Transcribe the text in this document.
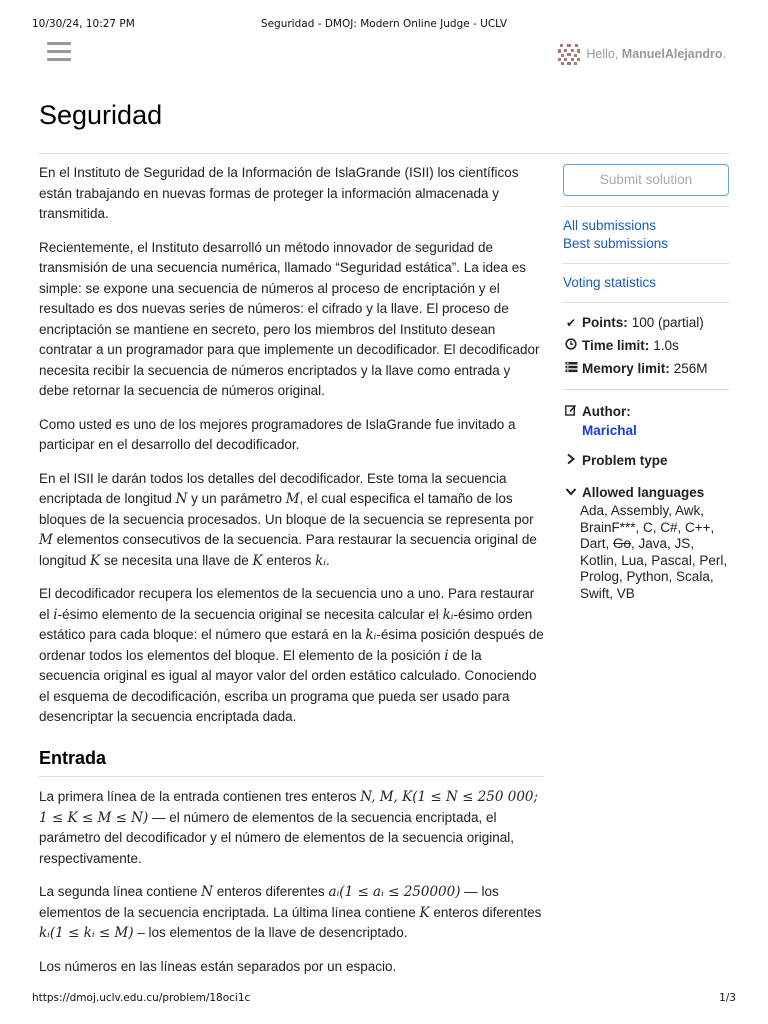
10/30/24, 10:27 PM	Seguridad - DMOJ: Modern Online Judge - UCLV
Hello,
ManuelAlejandro .
Seguridad

En el Instituto de Seguridad de la Información de IslaGrande (ISII) los científicos están trabajando en nuevas formas de proteger la información almacenada y transmitida.

Recientemente, el Instituto desarrolló un método innovador de seguridad de transmisión de una secuencia numérica, llamado “Seguridad estática”. La idea es simple: se expone una secuencia de números al proceso de encriptación y el resultado es dos nuevas series de números: el cifrado y la llave. El proceso de encriptación se mantiene en secreto, pero los miembros del Instituto desean contratar a un programador para que implemente un decodificador. El decodificador necesita recibir la secuencia de números encriptados y la llave como entrada y debe retornar la secuencia de números original.

Como usted es uno de los mejores programadores de IslaGrande fue invitado a participar en el desarrollo del decodificador.

En el ISII le darán todos los detalles del decodificador. Este toma la secuencia encriptada de longitud N y un parámetro M, el cual especifica el tamaño de los bloques de la secuencia procesados. Un bloque de la secuencia se representa por M elementos consecutivos de la secuencia. Para restaurar la secuencia original de longitud K se necesita una llave de K enteros kᵢ.

El decodificador recupera los elementos de la secuencia uno a uno. Para restaurar el i-ésimo elemento de la secuencia original se necesita calcular el kᵢ-ésimo orden estático para cada bloque: el número que estará en la kᵢ-ésima posición después de ordenar todos los elementos del bloque. El elemento de la posición i de la secuencia original es igual al mayor valor del orden estático calculado. Conociendo el esquema de decodificación, escriba un programa que pueda ser usado para desencriptar la secuencia encriptada dada.

Entrada

La primera línea de la entrada contienen tres enteros N, M, K(1 ≤ N ≤ 250 000; 1 ≤ K ≤ M ≤ N) — el número de elementos de la secuencia encriptada, el parámetro del decodificador y el número de elementos de la secuencia original, respectivamente.

La segunda línea contiene N enteros diferentes aᵢ(1 ≤ aᵢ ≤ 250000) — los elementos de la secuencia encriptada. La última línea contiene K enteros diferentes kᵢ(1 ≤ kᵢ ≤ M) – los elementos de la llave de desencriptado.

Los números en las líneas están separados por un espacio.

Submit solution
All submissions
Best submissions
Voting statistics
✔ Points: 100 (partial)
Time limit: 1.0s
Memory limit: 256M
Author:
Marichal
Problem type
Allowed languages
Ada, Assembly, Awk, BrainF***, C, C#, C++, Dart, Go, Java, JS, Kotlin, Lua, Pascal, Perl, Prolog, Python, Scala, Swift, VB
https://dmoj.uclv.edu.cu/problem/18oci1c	1/3
